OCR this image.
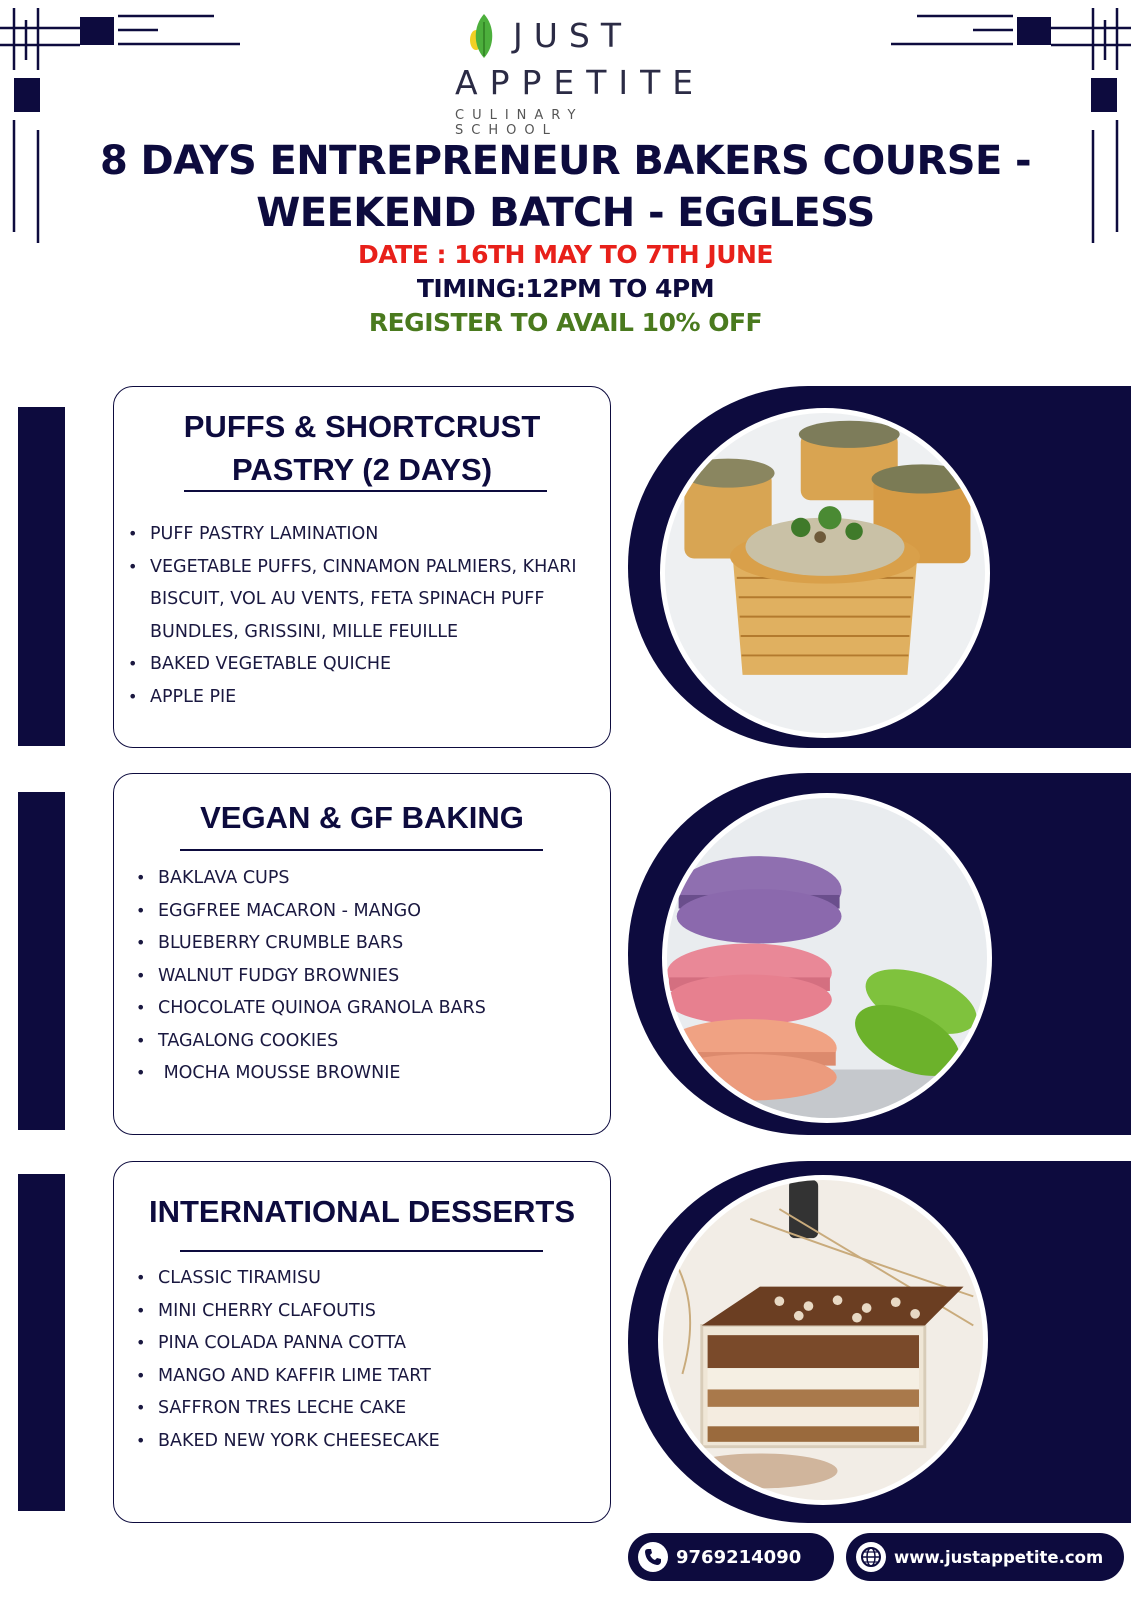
JUST
APPETITE
CULINARY SCHOOL
8 DAYS ENTREPRENEUR BAKERS COURSE - WEEKEND BATCH - EGGLESS
DATE : 16TH MAY TO 7TH JUNE
TIMING:12PM TO 4PM
REGISTER TO AVAIL 10% OFF
PUFFS & SHORTCRUST PASTRY (2 DAYS)
• PUFF PASTRY LAMINATION
• VEGETABLE PUFFS, CINNAMON PALMIERS, KHARI BISCUIT, VOL AU VENTS, FETA SPINACH PUFF BUNDLES, GRISSINI, MILLE FEUILLE
• BAKED VEGETABLE QUICHE
• APPLE PIE
VEGAN & GF BAKING
• BAKLAVA CUPS
• EGGFREE MACARON - MANGO
• BLUEBERRY CRUMBLE BARS
• WALNUT FUDGY BROWNIES
• CHOCOLATE QUINOA GRANOLA BARS
• TAGALONG COOKIES
•  MOCHA MOUSSE BROWNIE
INTERNATIONAL DESSERTS
• CLASSIC TIRAMISU
• MINI CHERRY CLAFOUTIS
• PINA COLADA PANNA COTTA
• MANGO AND KAFFIR LIME TART
• SAFFRON TRES LECHE CAKE
• BAKED NEW YORK CHEESECAKE
9769214090	www.justappetite.com
